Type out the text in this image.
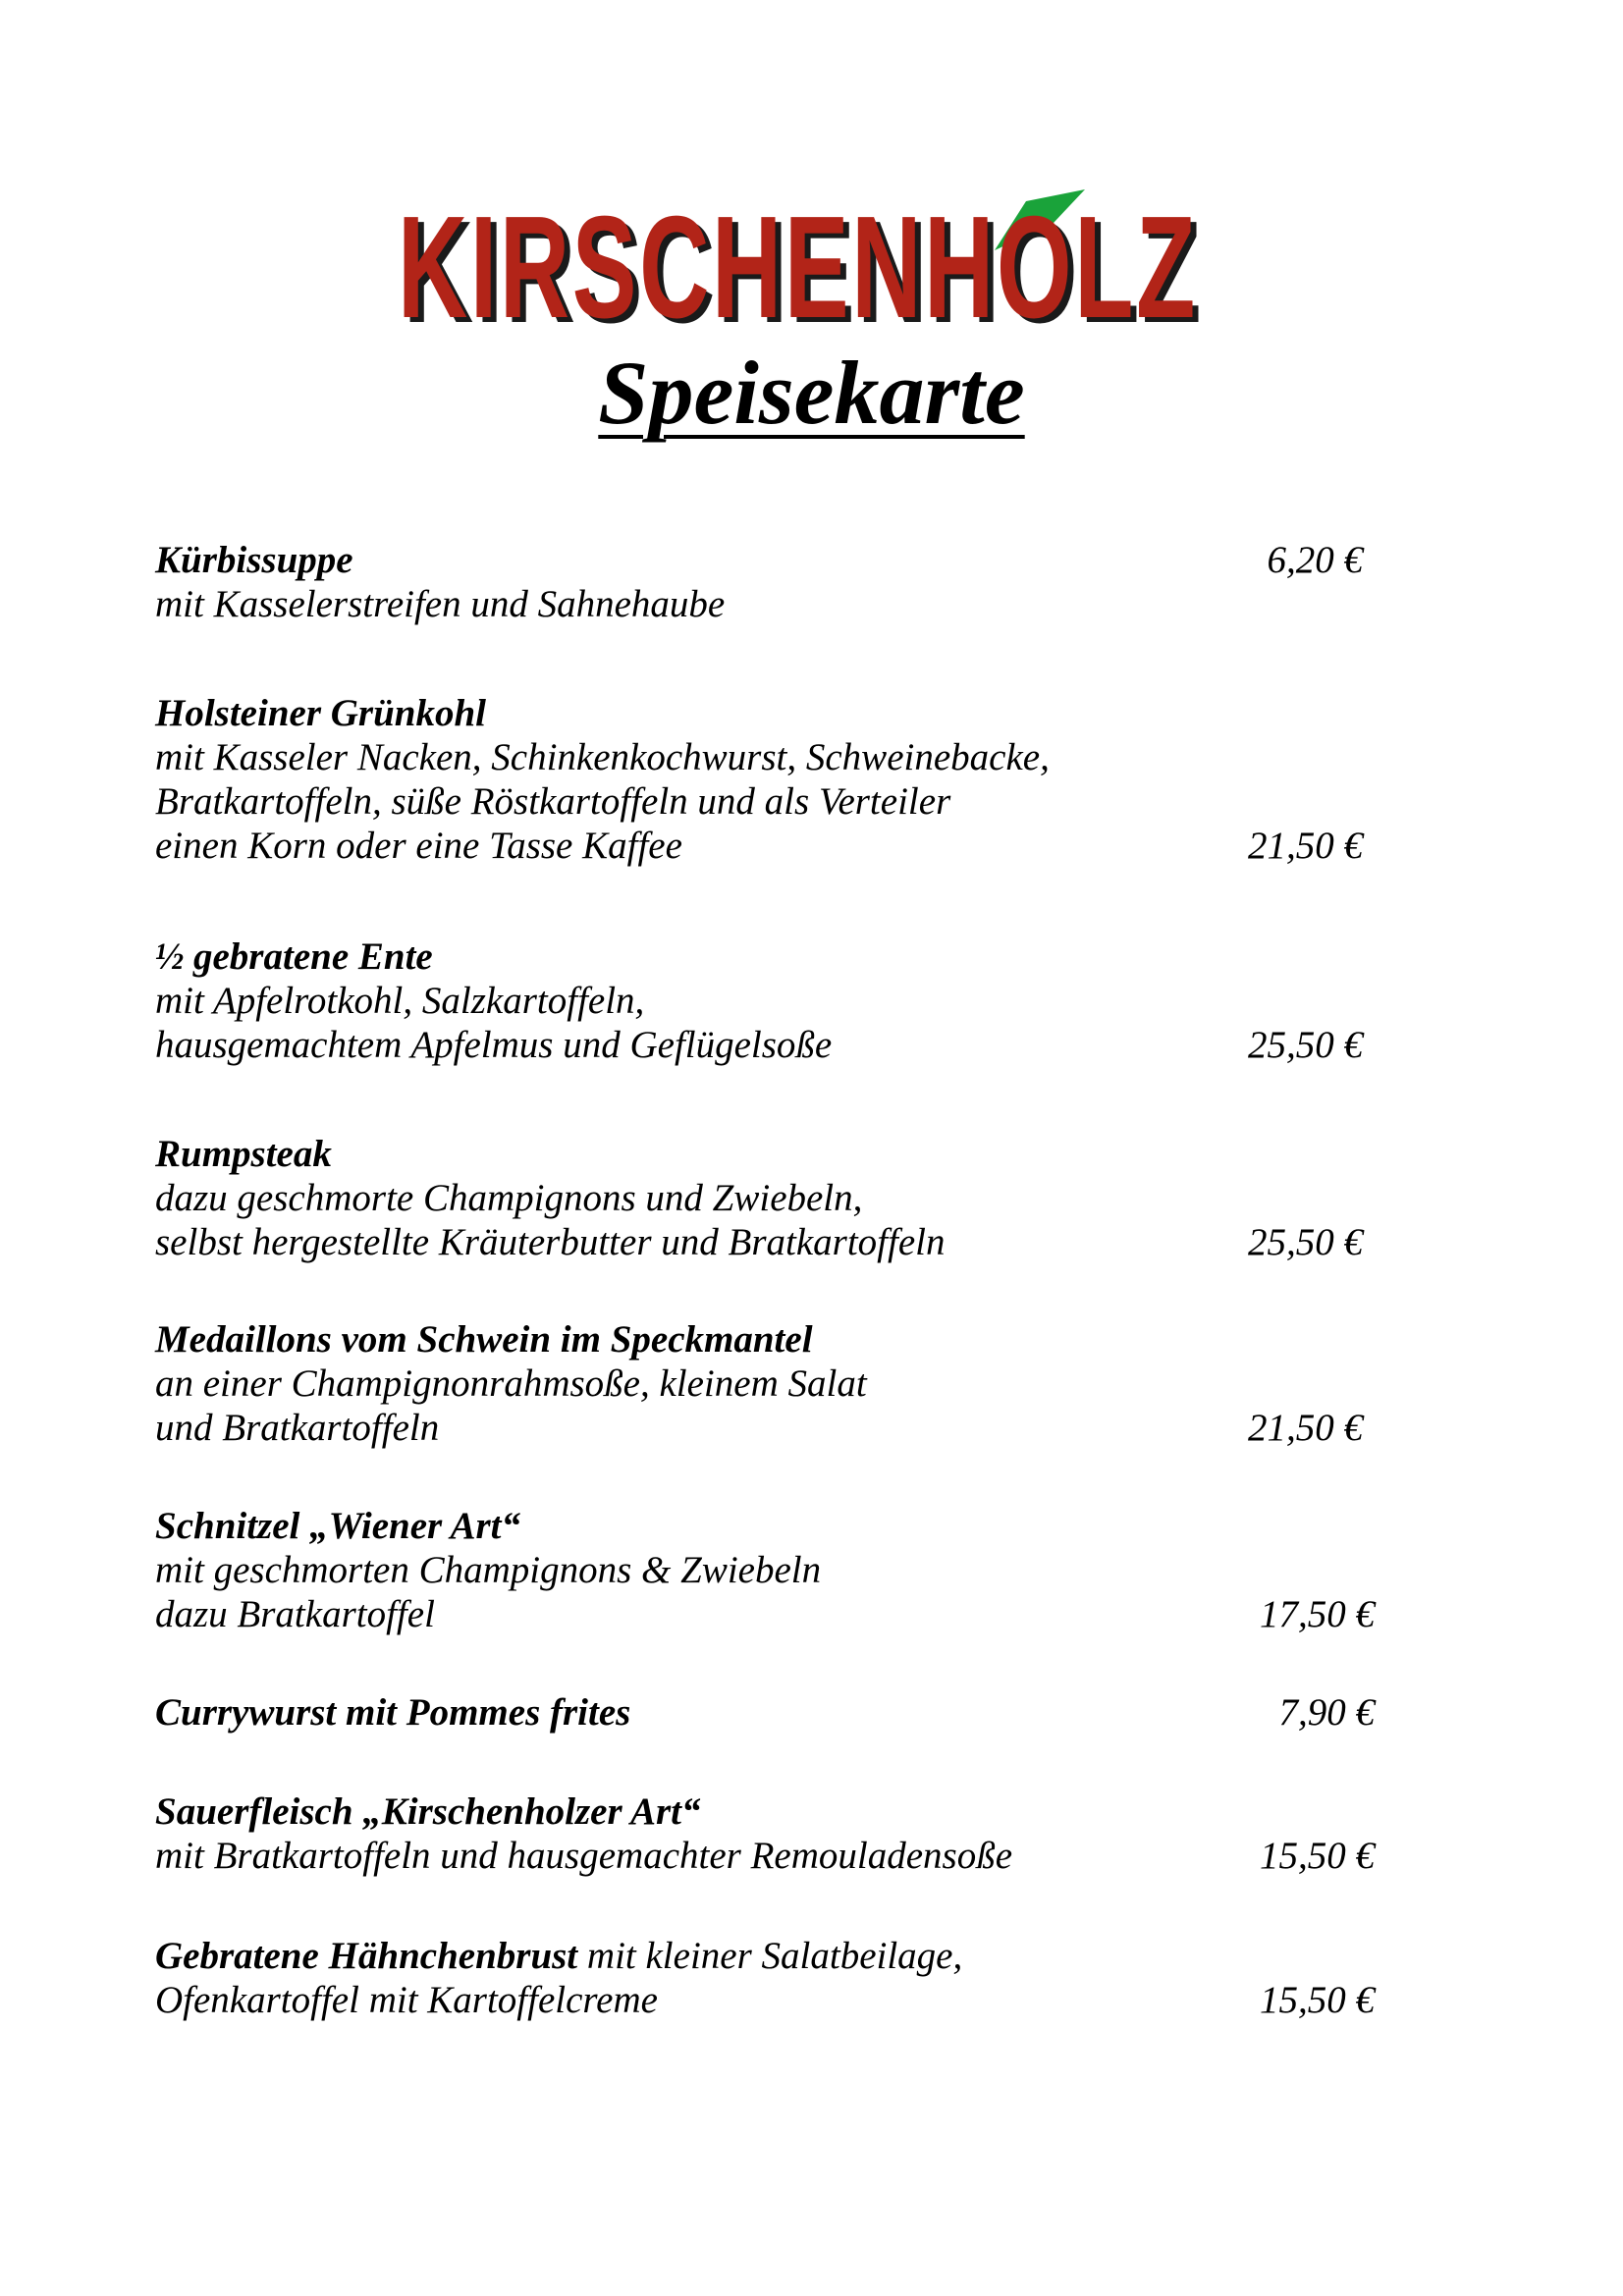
KIRSCHENHOLZ
KIRSCHENHOLZ
Speisekarte
Kürbissuppe	6,20 €
mit Kasselerstreifen und Sahnehaube
Holsteiner Grünkohl
mit Kasseler Nacken, Schinkenkochwurst, Schweinebacke,
Bratkartoffeln, süße Röstkartoffeln und als Verteiler
einen Korn oder eine Tasse Kaffee	21,50 €
½ gebratene Ente
mit Apfelrotkohl, Salzkartoffeln,
hausgemachtem Apfelmus und Geflügelsoße	25,50 €
Rumpsteak
dazu geschmorte Champignons und Zwiebeln,
selbst hergestellte Kräuterbutter und Bratkartoffeln	25,50 €
Medaillons vom Schwein im Speckmantel
an einer Champignonrahmsoße, kleinem Salat
und Bratkartoffeln	21,50 €
Schnitzel „Wiener Art“
mit geschmorten Champignons & Zwiebeln
dazu Bratkartoffel	17,50 €
Currywurst mit Pommes frites	7,90 €
Sauerfleisch „Kirschenholzer Art“
mit Bratkartoffeln und hausgemachter Remouladensoße	15,50 €
Gebratene Hähnchenbrust mit kleiner Salatbeilage,
Ofenkartoffel mit Kartoffelcreme	15,50 €
